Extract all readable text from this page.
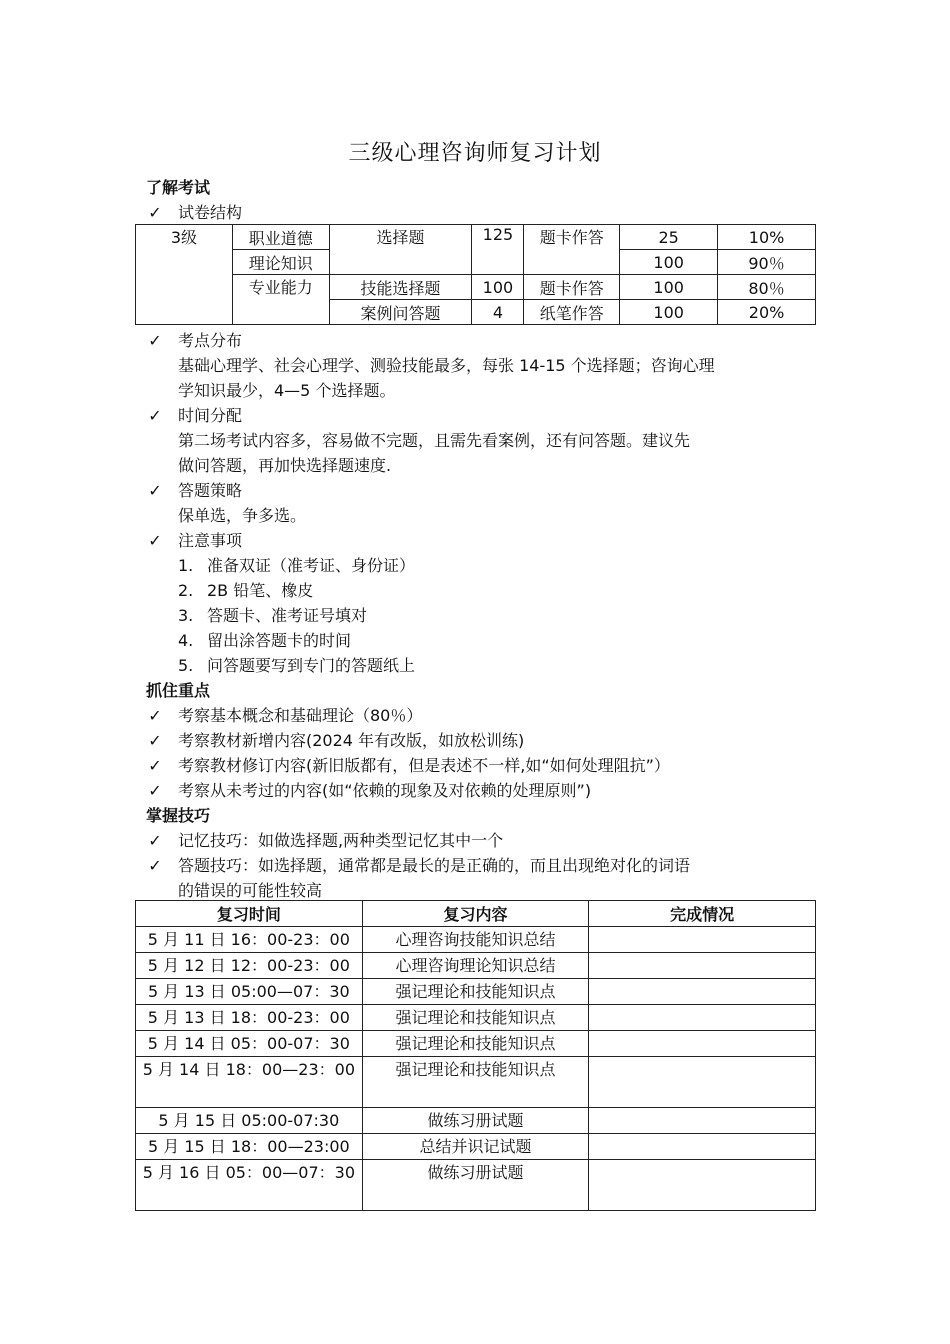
三级心理咨询师复习计划
了解考试
✓ 试卷结构
3级	职业道德	选择题	125	题卡作答	25	10%
	理论知识				100	90％
	专业能力	技能选择题	100	题卡作答	100	80％
		案例问答题	4	纸笔作答	100	20%
✓ 考点分布
基础心理学、社会心理学、测验技能最多，每张 14-15 个选择题；咨询心理
学知识最少，4—5 个选择题。
✓ 时间分配
第二场考试内容多，容易做不完题，且需先看案例，还有问答题。建议先
做问答题，再加快选择题速度.
✓ 答题策略
保单选，争多选。
✓ 注意事项
1. 准备双证（准考证、身份证）
2. 2B 铅笔、橡皮
3. 答题卡、准考证号填对
4. 留出涂答题卡的时间
5. 问答题要写到专门的答题纸上
抓住重点
✓ 考察基本概念和基础理论（80％）
✓ 考察教材新增内容(2024 年有改版，如放松训练)
✓ 考察教材修订内容(新旧版都有，但是表述不一样,如“如何处理阻抗”）
✓ 考察从未考过的内容(如“依赖的现象及对依赖的处理原则”)
掌握技巧
✓ 记忆技巧：如做选择题,两种类型记忆其中一个
✓ 答题技巧：如选择题，通常都是最长的是正确的，而且出现绝对化的词语
的错误的可能性较高
复习时间	复习内容	完成情况
5 月 11 日 16：00-23：00	心理咨询技能知识总结	
5 月 12 日 12：00-23：00	心理咨询理论知识总结	
5 月 13 日 05:00—07：30	强记理论和技能知识点	
5 月 13 日 18：00-23：00	强记理论和技能知识点	
5 月 14 日 05：00-07：30	强记理论和技能知识点	
5 月 14 日 18：00—23：00	强记理论和技能知识点	
5 月 15 日 05:00-07:30	做练习册试题	
5 月 15 日 18：00—23:00	总结并识记试题	
5 月 16 日 05：00—07：30	做练习册试题	
